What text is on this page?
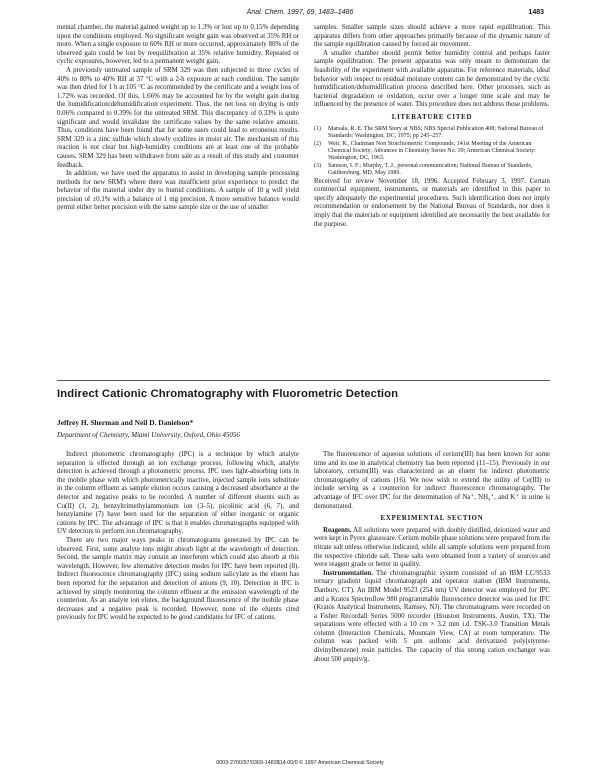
Anal. Chem. 1997, 69, 1483–1486	1483

mental chamber, the material gained weight up to 1.3% or lost up to 0.15% depending upon the conditions employed. No significant weight gain was observed at 35% RH or more. When a single exposure to 60% RH or more occurred, approximately 80% of the observed gain could be lost by reequilibration at 35% relative humidity. Repeated or cyclic exposures, however, led to a permanent weight gain.

A previously untreated sample of SRM 329 was then subjected to three cycles of 40% to 80% to 40% RH at 37 °C with a 2-h exposure at each condition. The sample was then dried for 1 h at 105 °C as recommended by the certificate and a weight loss of 1.72% was recorded. Of this, 1.66% may be accounted for by the weight gain during the humidification/dehumidification experiment. Thus, the net loss on drying is only 0.06% compared to 0.39% for the untreated SRM. This discrepancy of 0.33% is quite significant and would invalidate the certificate values by the same relative amount. Thus, conditions have been found that for some users could lead to erroneous results. SRM 329 is a zinc sulfide which slowly oxidizes in moist air. The mechanism of this reaction is not clear but high-humidity conditions are at least one of the probable causes. SRM 329 has been withdrawn from sale as a result of this study and customer feedback.

In addition, we have used the apparatus to assist in developing sample processing methods for new SRM's where there was insufficient prior experience to predict the behavior of the material under dry to humid conditions. A sample of 10 g will yield precision of ±0.1% with a balance of 1 mg precision. A more sensitive balance would permit either better precision with the same sample size or the use of smaller

samples. Smaller sample sizes should achieve a more rapid equilibration. This apparatus differs from other approaches primarily because of the dynamic nature of the sample equilibration caused by forced air movement.

A smaller chamber should permit better humidity control and perhaps faster sample equilibration. The present apparatus was only meant to demonstrate the feasibility of the experiment with available apparatus. For reference materials, ideal behavior with respect to residual moisture content can be demonstrated by the cyclic humidification/dehumidification process described here. Other processes, such as bacterial degradation or oxidation, occur over a longer time scale and may be influenced by the presence of water. This procedure does not address those problems.

LITERATURE CITED
(1)	Marsala, R. E. The SRM Story at NBS; NBS Special Publication 408; National Bureau of Standards: Washington, DC, 1975; pp 245–257.
(2)	Weir, R., Chairman Non Stoichiometric Compounds; 141st Meeting of the American Chemical Society; Advances in Chemistry Series No. 39; American Chemical Society: Washington, DC, 1963.
(3)	Samson, I. F.; Murphy, T. J., personal communication; National Bureau of Standards, Gaithersburg, MD, May 1989.

Received for review November 18, 1996. Accepted February 3, 1997. Certain commercial equipment, instruments, or materials are identified in this paper to specify adequately the experimental procedures. Such identification does not imply recommendation or endorsement by the National Bureau of Standards, nor does it imply that the materials or equipment identified are necessarily the best available for the purpose.

Indirect Cationic Chromatography with Fluorometric Detection
Jeffrey H. Sherman and Neil D. Danielson*
Department of Chemistry, Miami University, Oxford, Ohio 45056

Indirect photometric chromatography (IPC) is a technique by which analyte separation is effected through an ion exchange process, following which, analyte detection is achieved through a photometric process. IPC uses light-absorbing ions in the mobile phase with which photometrically inactive, injected sample ions substitute in the column effluent as sample elution occurs causing a decreased absorbance at the detector and negative peaks to be recorded. A number of different eluents such as Cu(II) (1, 2), benzyltrimethylammonium ion (3–5), picolinic acid (6, 7), and benzylamine (7) have been used for the separation of either inorganic or organic cations by IPC. The advantage of IPC is that it enables chromatographs equipped with UV detectors to perform ion chromatography.

There are two major ways peaks in chromatograms generated by IPC can be observed. First, some analyte ions might absorb light at the wavelength of detection. Second, the sample matrix may contain an interferent which could also absorb at this wavelength. However, few alternative detection modes for IPC have been reported (8). Indirect fluorescence chromatography (IFC) using sodium salicylate as the eluent has been reported for the separation and detection of anions (9, 10). Detection in IFC is achieved by simply monitoring the column effluent at the emission wavelength of the counterion. As an analyte ion elutes, the background fluorescence of the mobile phase decreases and a negative peak is recorded. However, none of the eluents cited previously for IPC would be expected to be good candidates for IFC of cations.

The fluorescence of aqueous solutions of cerium(III) has been known for some time and its use in analytical chemistry has been reported (11–15). Previously in our laboratory, cerium(III) was characterized as an eluent for indirect photometric chromatography of cations (16). We now wish to extend the utility of Ce(III) to include serving as a counterion for indirect fluorescence chromatography. The advantage of IFC over IPC for the determination of Na⁺, NH₄⁺, and K⁺ in urine is demonstrated.

EXPERIMENTAL SECTION

Reagents. All solutions were prepared with doubly distilled, deionized water and were kept in Pyrex glassware. Cerium mobile phase solutions were prepared from the nitrate salt unless otherwise indicated, while all sample solutions were prepared from the respective chloride salt. These salts were obtained from a variety of sources and were reagent grade or better in quality.

Instrumentation. The chromatographic system consisted of an IBM LC/9533 ternary gradient liquid chromatograph and operator station (IBM Instruments, Danbury, CT). An IBM Model 9523 (254 nm) UV detector was employed for IPC and a Kratos Spectroflow 980 programmable fluorescence detector was used for IFC (Kratos Analytical Instruments, Ramsey, NJ). The chromatograms were recorded on a Fisher Recordall Series 5000 recorder (Houston Instruments, Austin, TX). The separations were effected with a 10 cm × 3.2 mm i.d. TSK-3.0 Transition Metals column (Interaction Chemicals, Mountain View, CA) at room temperature. The column was packed with 5 μm sulfonic acid derivatized poly(styrene-divinylbenzene) resin particles. The capacity of this strong cation exchanger was about 500 μequiv/g.

0003-2700/97/0369-1483$14.00/0 © 1997 American Chemical Society
